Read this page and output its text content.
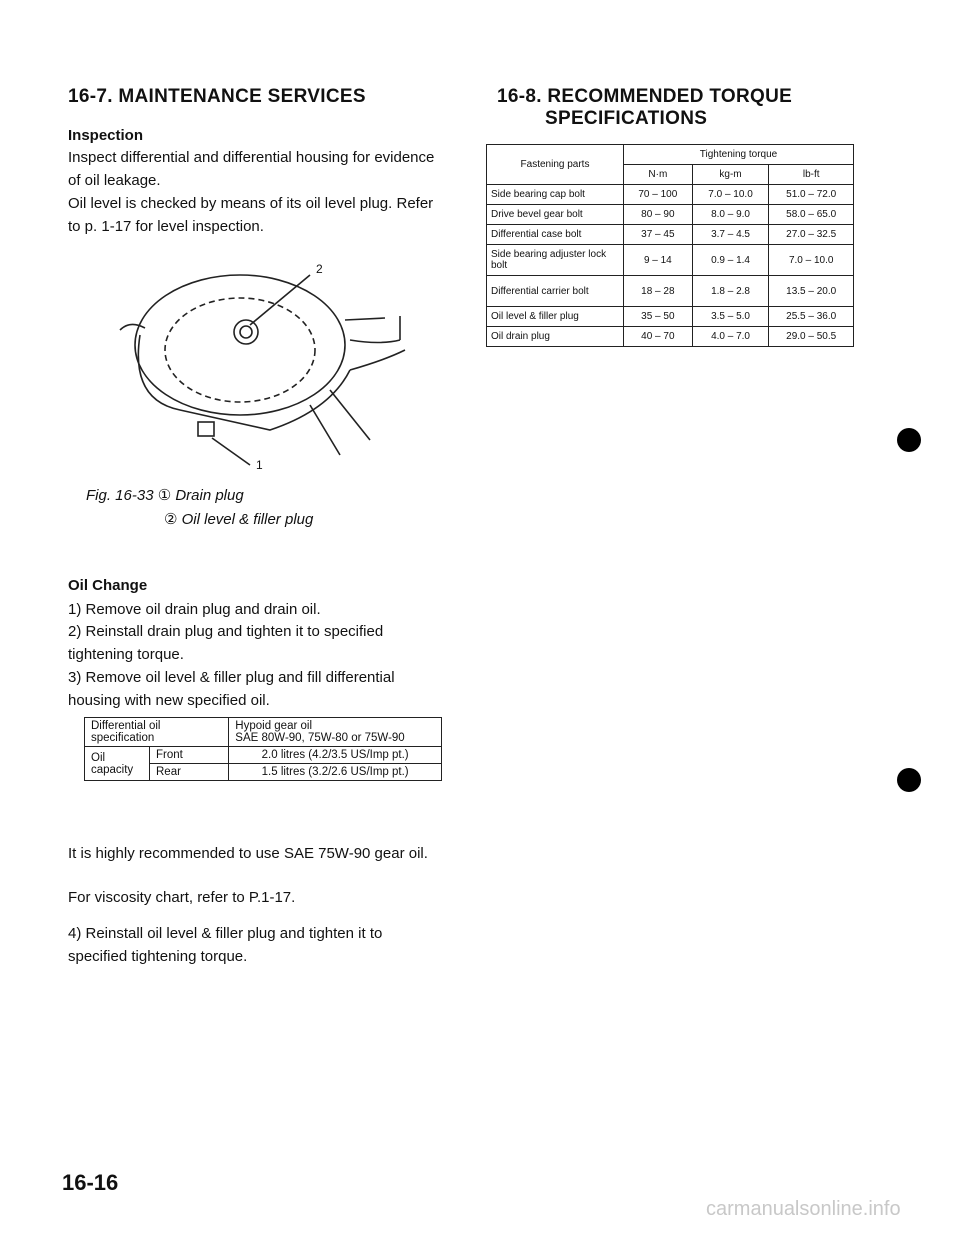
16-7. MAINTENANCE SERVICES
Inspection
Inspect differential and differential housing for evidence of oil leakage.
Oil level is checked by means of its oil level plug. Refer to p. 1-17 for level inspection.
2
1
Fig. 16-33 ① Drain plug
② Oil level & filler plug
Oil Change
1) Remove oil drain plug and drain oil.
2) Reinstall drain plug and tighten it to specified tightening torque.
3) Remove oil level & filler plug and fill differential housing with new specified oil.
Differential oil specification		Hypoid gear oil
SAE 80W-90, 75W-80 or 75W-90

Oil capacity	Front	2.0 litres (4.2/3.5 US/Imp pt.)
	Rear	1.5 litres (3.2/2.6 US/Imp pt.)
It is highly recommended to use SAE 75W-90 gear oil.
For viscosity chart, refer to P.1-17.
4) Reinstall oil level & filler plug and tighten it to specified tightening torque.
16-16
16-8. RECOMMENDED TORQUE
SPECIFICATIONS
Fastening parts	Tightening torque		
	N·m	kg-m	lb-ft
Side bearing cap bolt	70 – 100	7.0 – 10.0	51.0 – 72.0
Drive bevel gear bolt	80 – 90	8.0 – 9.0	58.0 – 65.0
Differential case bolt	37 – 45	3.7 – 4.5	27.0 – 32.5
Side bearing adjuster lock bolt	9 – 14	0.9 – 1.4	7.0 – 10.0
Differential carrier bolt	18 – 28	1.8 – 2.8	13.5 – 20.0
Oil level & filler plug	35 – 50	3.5 – 5.0	25.5 – 36.0
Oil drain plug	40 – 70	4.0 – 7.0	29.0 – 50.5
carmanualsonline.info
